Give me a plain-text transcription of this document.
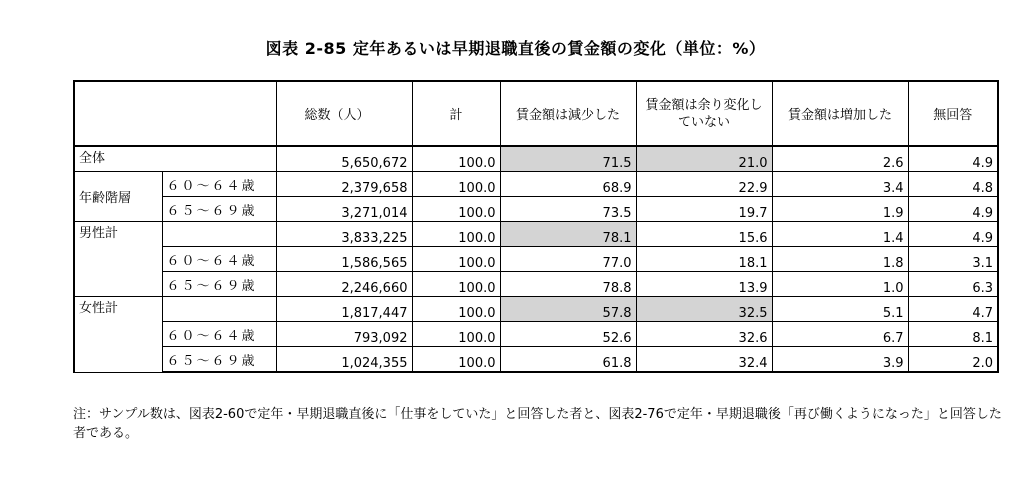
図表 2-85 定年あるいは早期退職直後の賃金額の変化（単位：%）
		総数（人）	計	賃金額は減少した	賃金額は余り変化していない	賃金額は増加した	無回答
全体		5,650,672	100.0	71.5	21.0	2.6	4.9
年齢階層	６０～６４歳	2,379,658	100.0	68.9	22.9	3.4	4.8
	６５～６９歳	3,271,014	100.0	73.5	19.7	1.9	4.9
男性計		3,833,225	100.0	78.1	15.6	1.4	4.9
	６０～６４歳	1,586,565	100.0	77.0	18.1	1.8	3.1
	６５～６９歳	2,246,660	100.0	78.8	13.9	1.0	6.3
女性計		1,817,447	100.0	57.8	32.5	5.1	4.7
	６０～６４歳	793,092	100.0	52.6	32.6	6.7	8.1
	６５～６９歳	1,024,355	100.0	61.8	32.4	3.9	2.0
注：サンプル数は、図表2-60で定年・早期退職直後に「仕事をしていた」と回答した者と、図表2-76で定年・早期退職後「再び働くようになった」と回答した者である。
